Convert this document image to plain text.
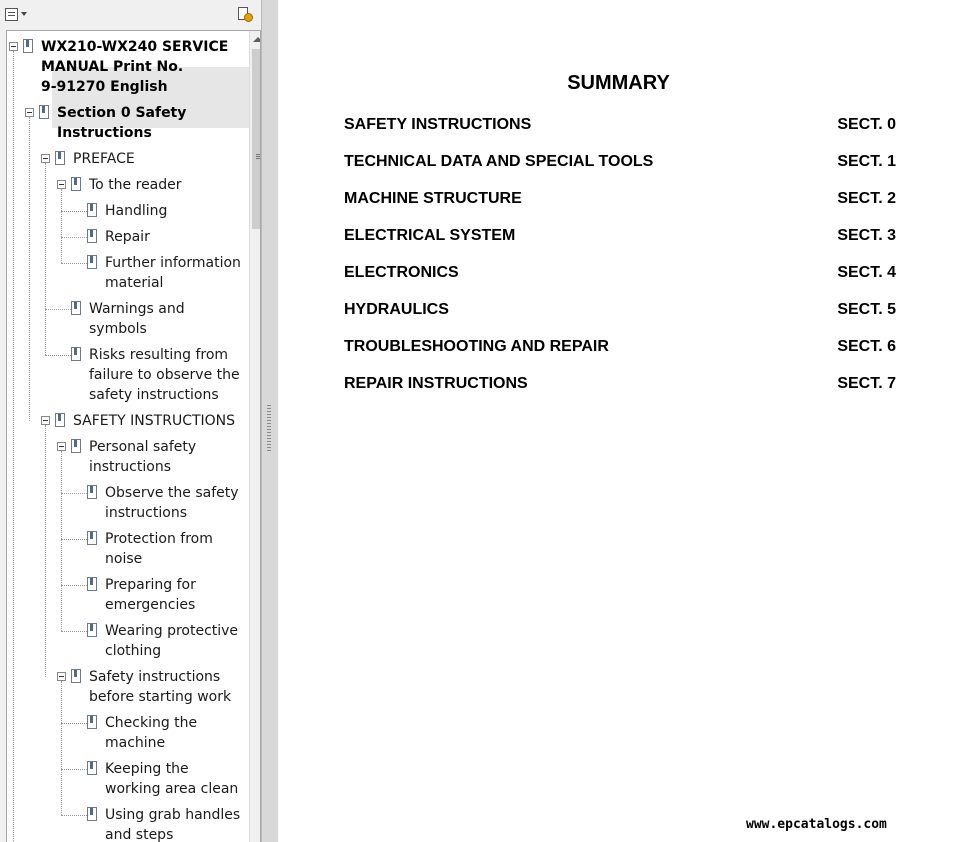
WX210-WX240 SERVICE
MANUAL Print No.
9-91270 English
Section 0 Safety
Instructions
PREFACE
To the reader
Handling
Repair
Further information
material
Warnings and
symbols
Risks resulting from
failure to observe the
safety instructions
SAFETY INSTRUCTIONS
Personal safety
instructions
Observe the safety
instructions
Protection from
noise
Preparing for
emergencies
Wearing protective
clothing
Safety instructions
before starting work
Checking the
machine
Keeping the
working area clean
Using grab handles
and steps
SUMMARY
www.epcatalogs.com
SAFETY INSTRUCTIONS	SECT. 0
TECHNICAL DATA AND SPECIAL TOOLS	SECT. 1
MACHINE STRUCTURE	SECT. 2
ELECTRICAL SYSTEM	SECT. 3
ELECTRONICS	SECT. 4
HYDRAULICS	SECT. 5
TROUBLESHOOTING AND REPAIR	SECT. 6
REPAIR INSTRUCTIONS	SECT. 7
